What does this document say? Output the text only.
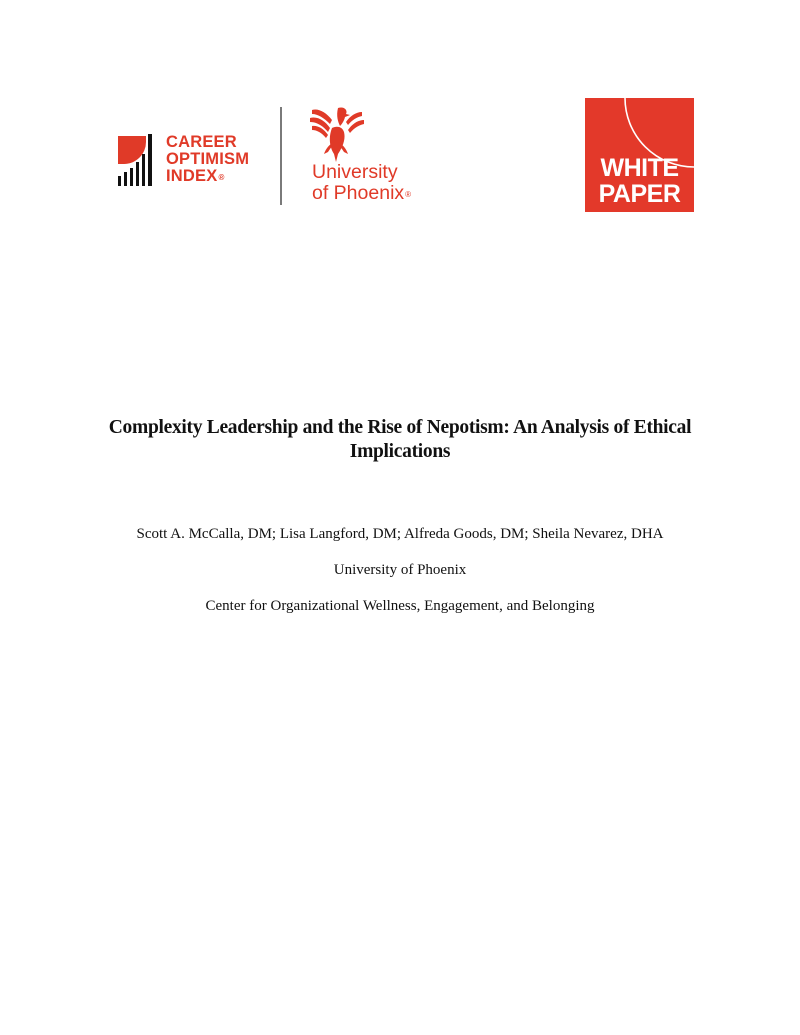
CAREER
OPTIMISM
INDEX®	University
of Phoenix®
WHITE
PAPER
Complexity Leadership and the Rise of Nepotism: An Analysis of Ethical Implications

Scott A. McCalla, DM; Lisa Langford, DM; Alfreda Goods, DM; Sheila Nevarez, DHA

University of Phoenix

Center for Organizational Wellness, Engagement, and Belonging
